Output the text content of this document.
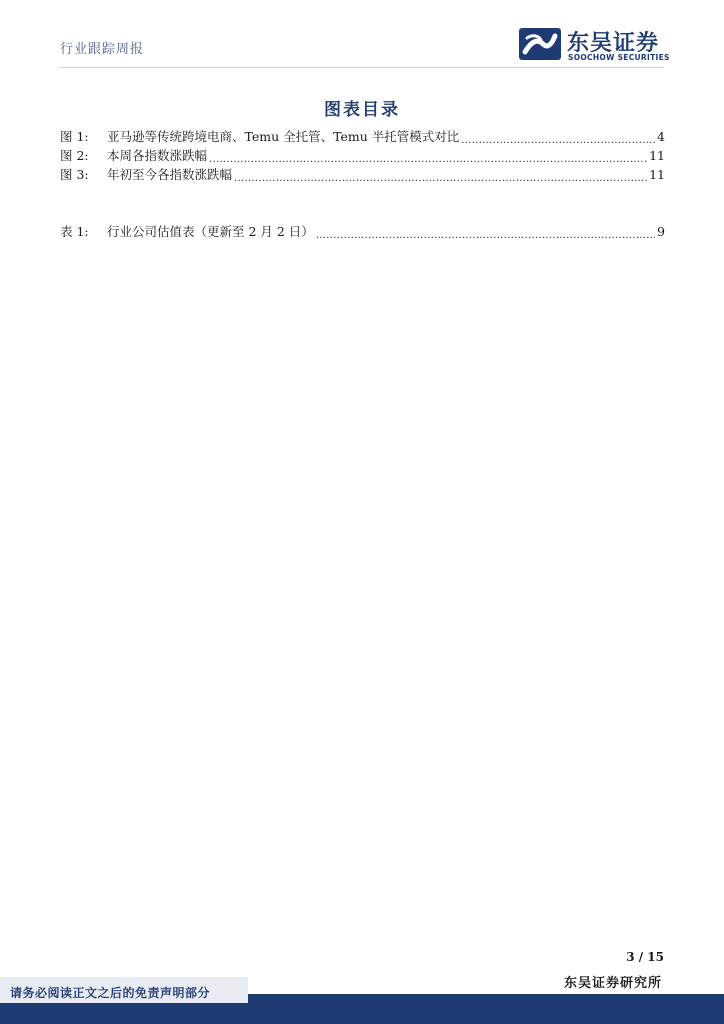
行业跟踪周报	东吴证券
SOOCHOW SECURITIES
图表目录
图 1:	亚马逊等传统跨境电商、Temu 全托管、Temu 半托管模式对比 .....	4
图 2:	本周各指数涨跌幅 .....	11
图 3:	年初至今各指数涨跌幅 .....	11
表 1:	行业公司估值表（更新至 2 月 2 日） .....	9
3 / 15
东吴证券研究所
请务必阅读正文之后的免责声明部分
